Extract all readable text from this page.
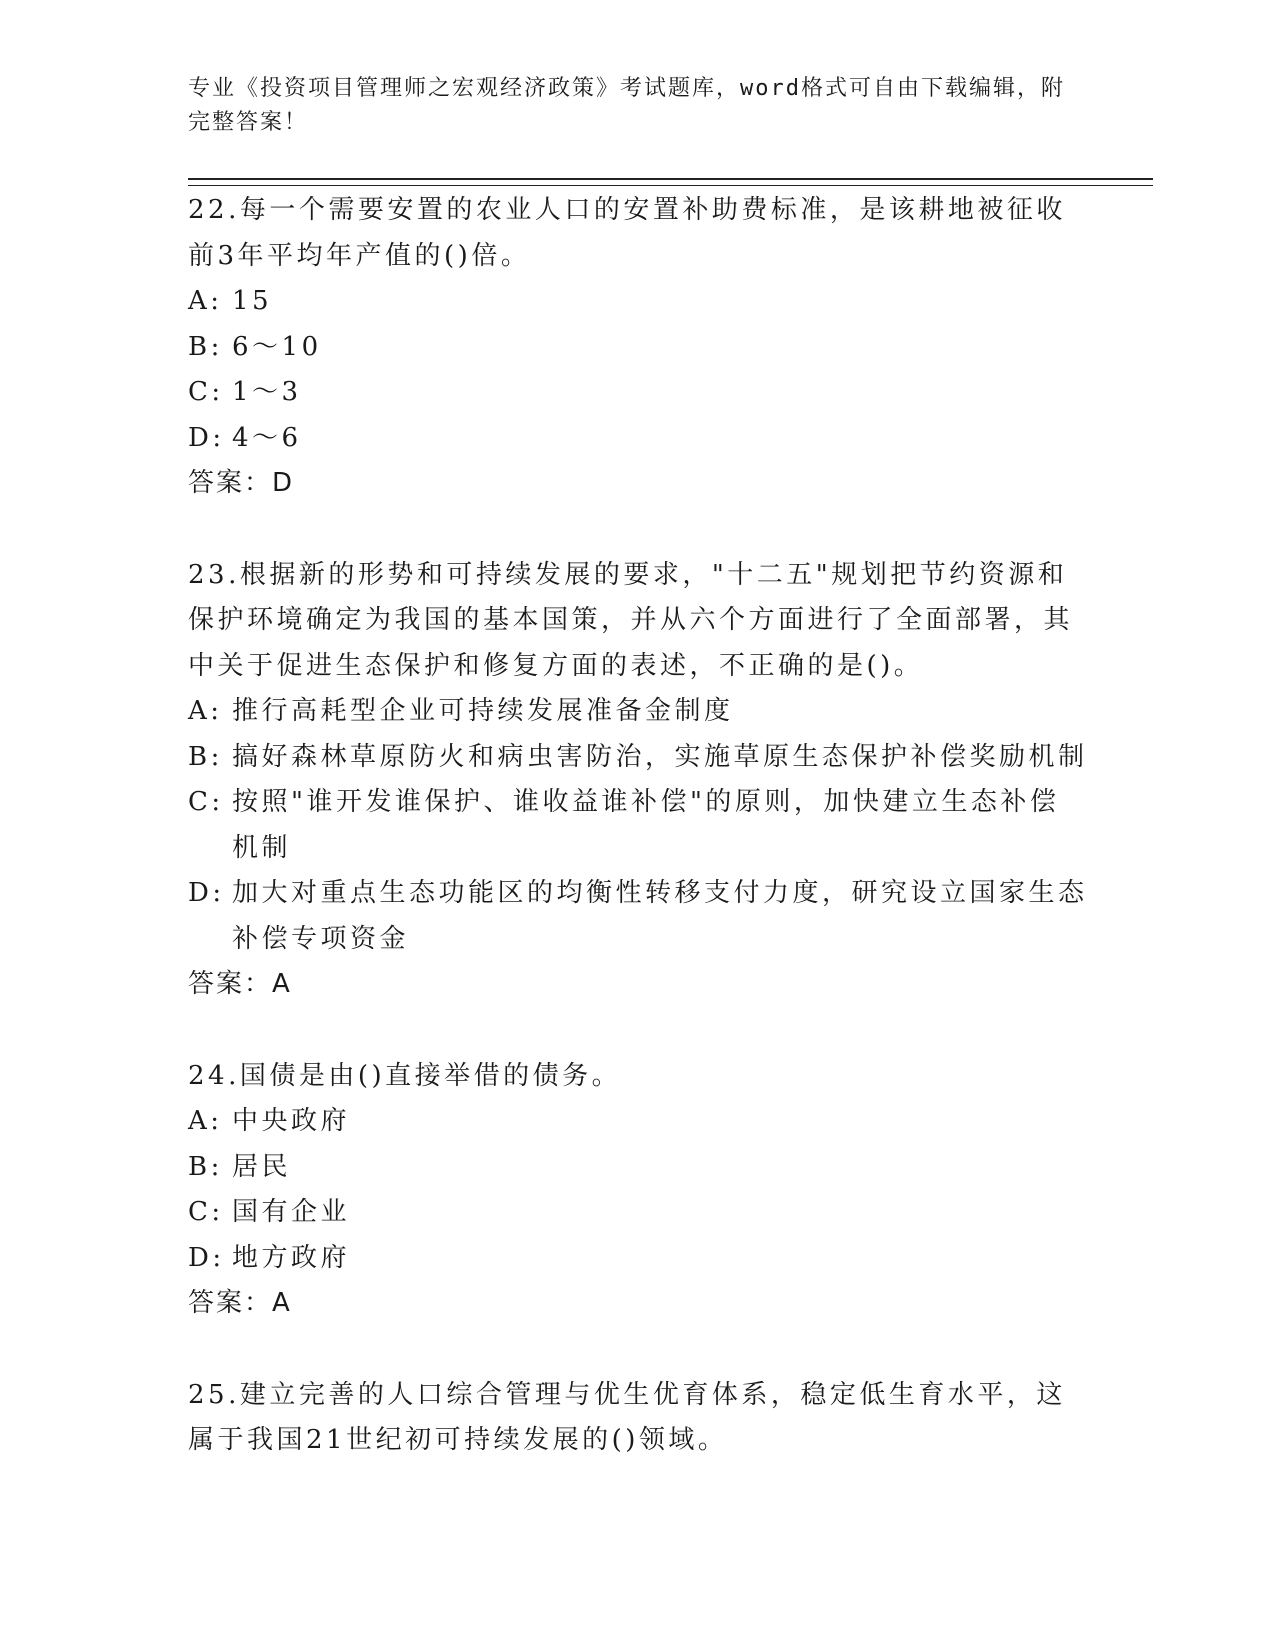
专业《投资项目管理师之宏观经济政策》考试题库，word格式可自由下载编辑，附完整答案！

22.每一个需要安置的农业人口的安置补助费标准，是该耕地被征收前3年平均年产值的()倍。

A: 15
B: 6～10
C: 1～3
D: 4～6

答案：D

23.根据新的形势和可持续发展的要求，"十二五"规划把节约资源和保护环境确定为我国的基本国策，并从六个方面进行了全面部署，其中关于促进生态保护和修复方面的表述，不正确的是()。

A: 推行高耗型企业可持续发展准备金制度
B: 搞好森林草原防火和病虫害防治，实施草原生态保护补偿奖励机制
C: 按照"谁开发谁保护、谁收益谁补偿"的原则，加快建立生态补偿机制
D: 加大对重点生态功能区的均衡性转移支付力度，研究设立国家生态补偿专项资金

答案：A

24.国债是由()直接举借的债务。

A: 中央政府
B: 居民
C: 国有企业
D: 地方政府

答案：A

25.建立完善的人口综合管理与优生优育体系，稳定低生育水平，这属于我国21世纪初可持续发展的()领域。
